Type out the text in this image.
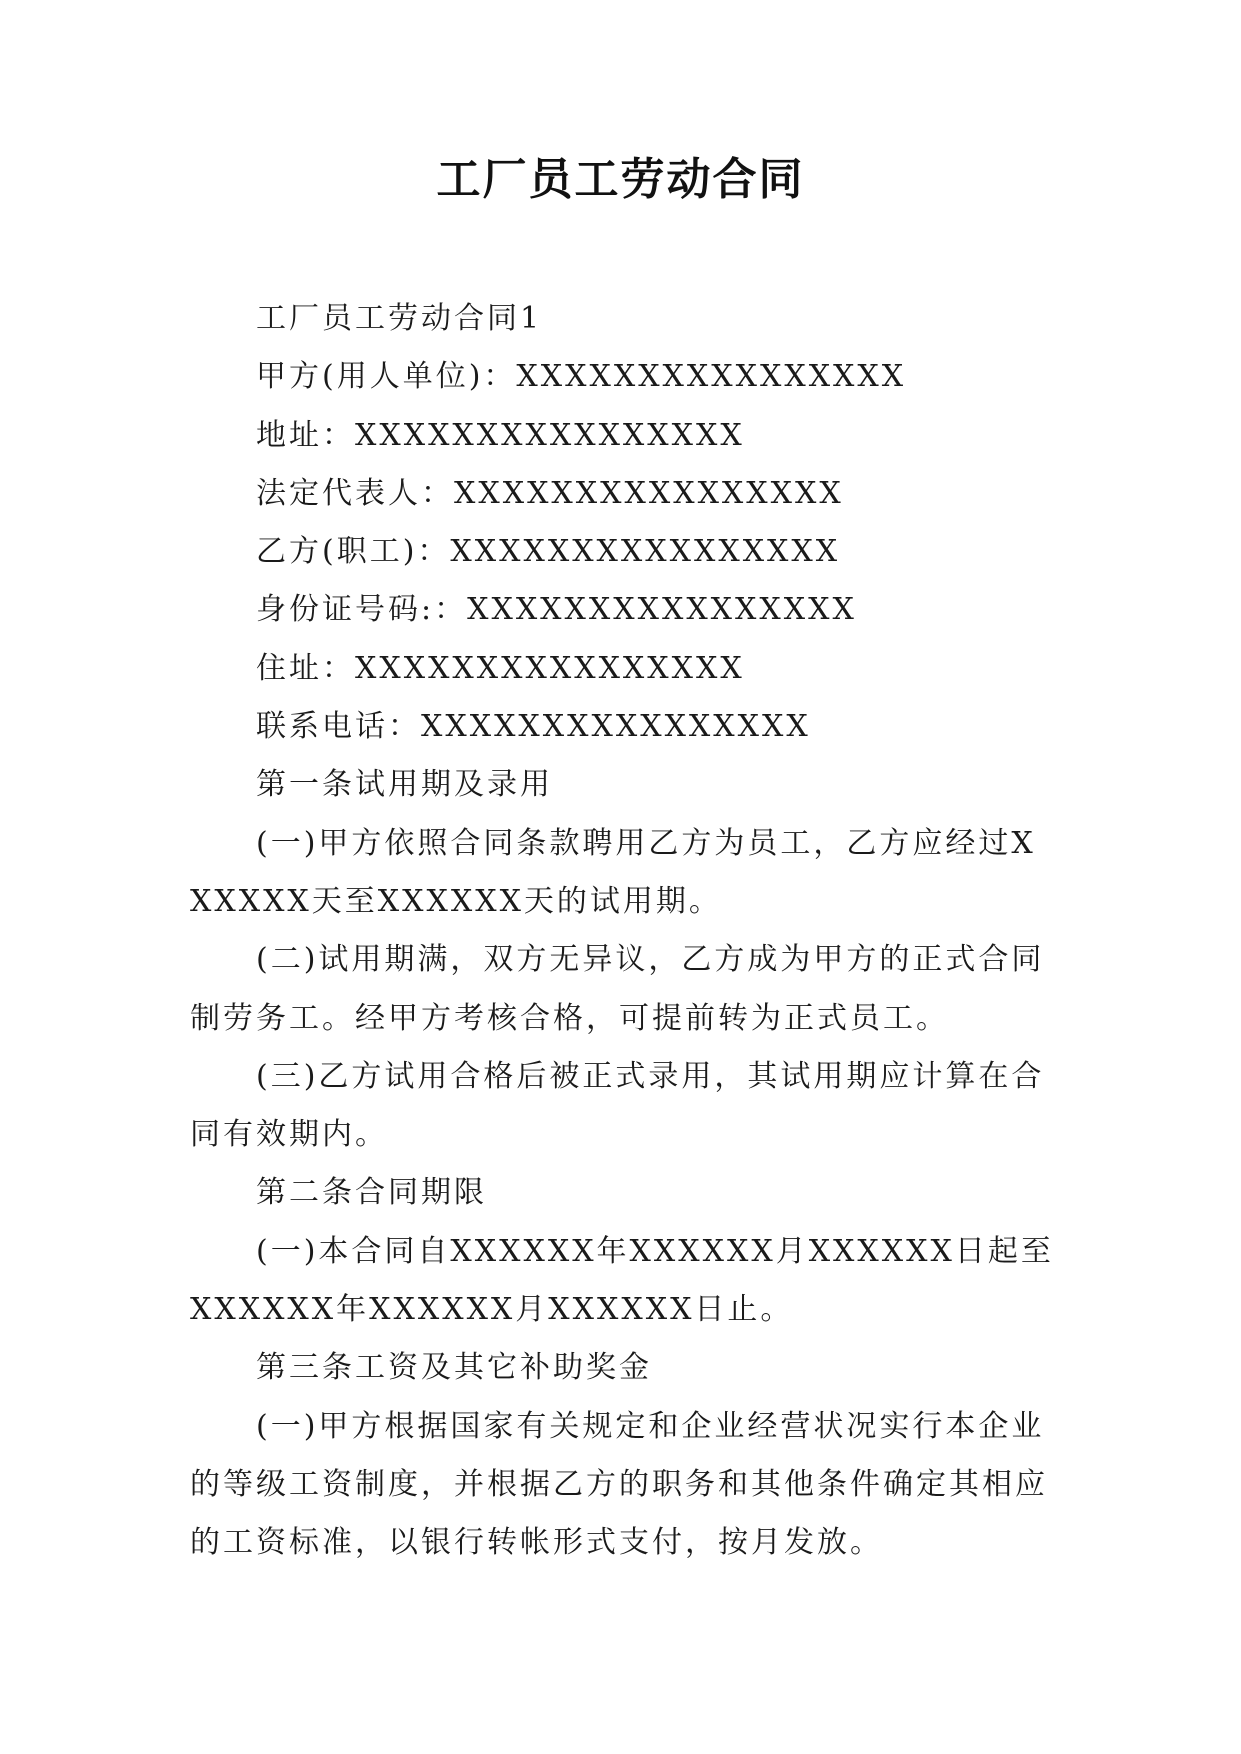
工厂员工劳动合同

工厂员工劳动合同1

甲方(用人单位)：XXXXXXXXXXXXXXXX

地址：XXXXXXXXXXXXXXXX

法定代表人：XXXXXXXXXXXXXXXX

乙方(职工)：XXXXXXXXXXXXXXXX

身份证号码:：XXXXXXXXXXXXXXXX

住址：XXXXXXXXXXXXXXXX

联系电话：XXXXXXXXXXXXXXXX

第一条试用期及录用

(一)甲方依照合同条款聘用乙方为员工，乙方应经过XXXXXX天至XXXXXX天的试用期。

(二)试用期满，双方无异议，乙方成为甲方的正式合同制劳务工。经甲方考核合格，可提前转为正式员工。

(三)乙方试用合格后被正式录用，其试用期应计算在合同有效期内。

第二条合同期限

(一)本合同自XXXXXX年XXXXXX月XXXXXX日起至XXXXXX年XXXXXX月XXXXXX日止。

第三条工资及其它补助奖金

(一)甲方根据国家有关规定和企业经营状况实行本企业的等级工资制度，并根据乙方的职务和其他条件确定其相应的工资标准，以银行转帐形式支付，按月发放。
